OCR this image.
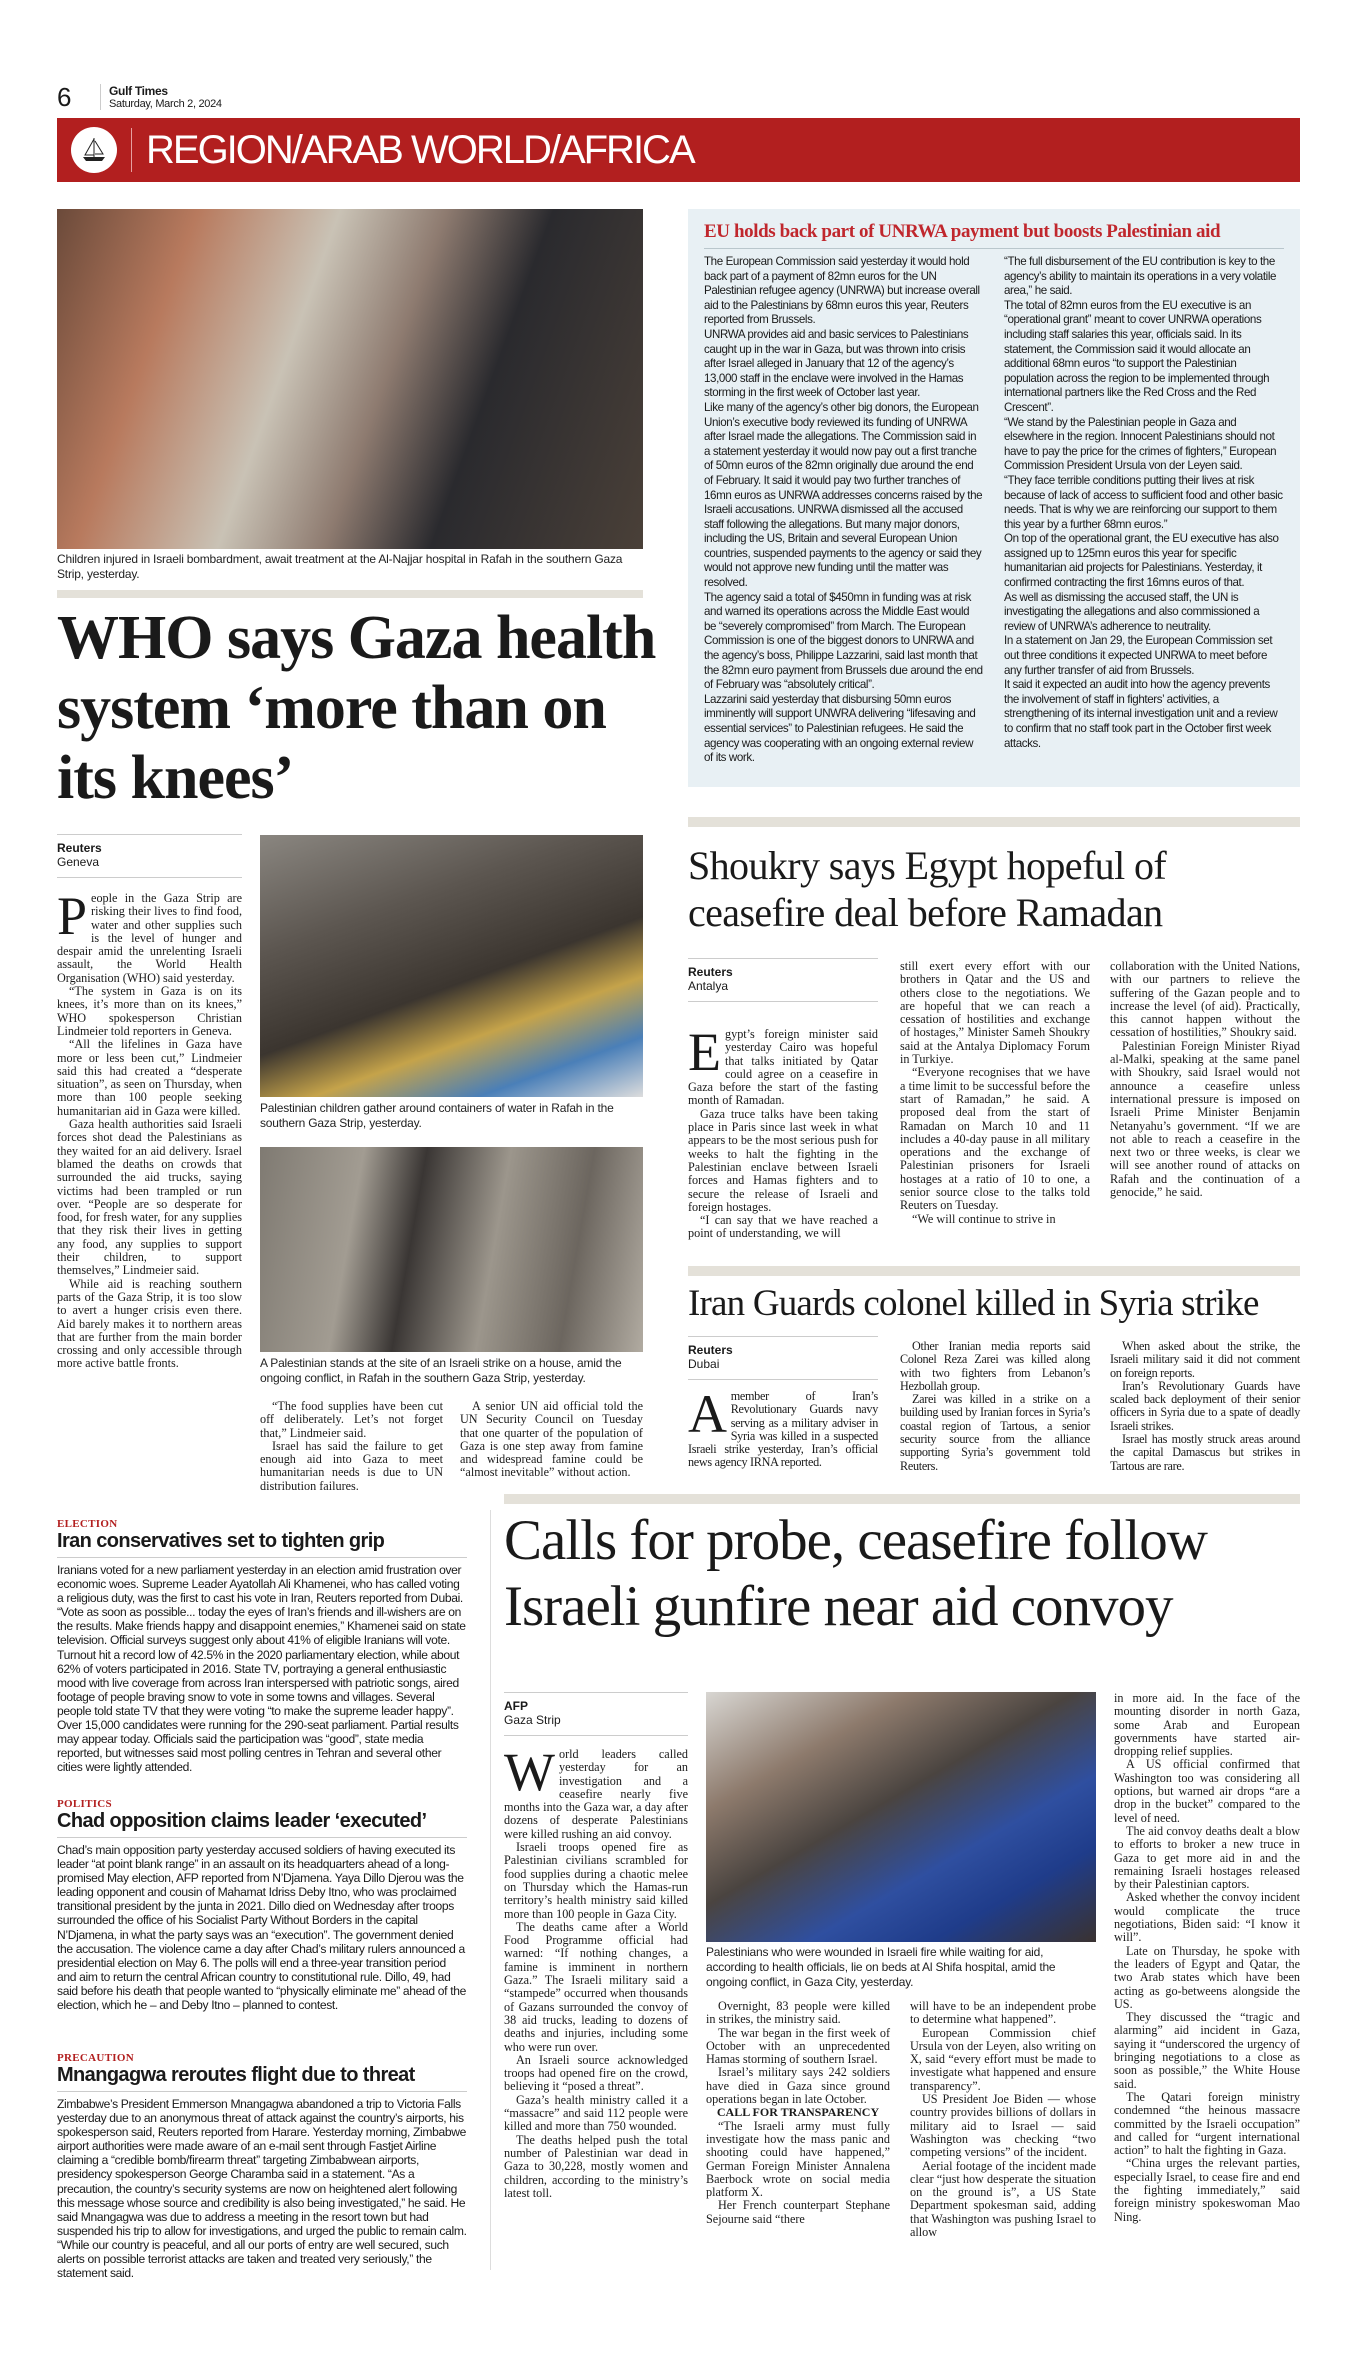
6	Gulf Times
Saturday, March 2, 2024
REGION/ARAB WORLD/AFRICA
Children injured in Israeli bombardment, await treatment at the Al-Najjar hospital in Rafah in the southern Gaza Strip, yesterday.
WHO says Gaza health system ‘more than on its knees’
Reuters
Geneva

People in the Gaza Strip are risking their lives to find food, water and other supplies such is the level of hunger and despair amid the unrelenting Israeli assault, the World Health Organisation (WHO) said yesterday.

“The system in Gaza is on its knees, it’s more than on its knees,” WHO spokesperson Christian Lindmeier told reporters in Geneva.

“All the lifelines in Gaza have more or less been cut,” Lindmeier said this had created a “desperate situation”, as seen on Thursday, when more than 100 people seeking humanitarian aid in Gaza were killed.

Gaza health authorities said Israeli forces shot dead the Palestinians as they waited for an aid delivery. Israel blamed the deaths on crowds that surrounded the aid trucks, saying victims had been trampled or run over. “People are so desperate for food, for fresh water, for any supplies that they risk their lives in getting any food, any supplies to support their children, to support themselves,” Lindmeier said.

While aid is reaching southern parts of the Gaza Strip, it is too slow to avert a hunger crisis even there. Aid barely makes it to northern areas that are further from the main border crossing and only accessible through more active battle fronts.

Palestinian children gather around containers of water in Rafah in the southern Gaza Strip, yesterday.
A Palestinian stands at the site of an Israeli strike on a house, amid the ongoing conflict, in Rafah in the southern Gaza Strip, yesterday.

“The food supplies have been cut off deliberately. Let’s not forget that,” Lindmeier said.

Israel has said the failure to get enough aid into Gaza to meet humanitarian needs is due to UN distribution failures.

A senior UN aid official told the UN Security Council on Tuesday that one quarter of the population of Gaza is one step away from famine and widespread famine could be “almost inevitable” without action.

EU holds back part of UNRWA payment but boosts Palestinian aid

The European Commission said yesterday it would hold back part of a payment of 82mn euros for the UN Palestinian refugee agency (UNRWA) but increase overall aid to the Palestinians by 68mn euros this year, Reuters reported from Brussels.

UNRWA provides aid and basic services to Palestinians caught up in the war in Gaza, but was thrown into crisis after Israel alleged in January that 12 of the agency’s 13,000 staff in the enclave were involved in the Hamas storming in the first week of October last year.

Like many of the agency’s other big donors, the European Union’s executive body reviewed its funding of UNRWA after Israel made the allegations. The Commission said in a statement yesterday it would now pay out a first tranche of 50mn euros of the 82mn originally due around the end of February. It said it would pay two further tranches of 16mn euros as UNRWA addresses concerns raised by the Israeli accusations. UNRWA dismissed all the accused staff following the allegations. But many major donors, including the US, Britain and several European Union countries, suspended payments to the agency or said they would not approve new funding until the matter was resolved.

The agency said a total of $450mn in funding was at risk and warned its operations across the Middle East would be “severely compromised” from March. The European Commission is one of the biggest donors to UNRWA and the agency’s boss, Philippe Lazzarini, said last month that the 82mn euro payment from Brussels due around the end of February was “absolutely critical”.

Lazzarini said yesterday that disbursing 50mn euros imminently will support UNWRA delivering “lifesaving and essential services” to Palestinian refugees. He said the agency was cooperating with an ongoing external review of its work.

“The full disbursement of the EU contribution is key to the agency’s ability to maintain its operations in a very volatile area,” he said.

The total of 82mn euros from the EU executive is an “operational grant” meant to cover UNRWA operations including staff salaries this year, officials said. In its statement, the Commission said it would allocate an additional 68mn euros “to support the Palestinian population across the region to be implemented through international partners like the Red Cross and the Red Crescent”.

“We stand by the Palestinian people in Gaza and elsewhere in the region. Innocent Palestinians should not have to pay the price for the crimes of fighters,” European Commission President Ursula von der Leyen said.

“They face terrible conditions putting their lives at risk because of lack of access to sufficient food and other basic needs. That is why we are reinforcing our support to them this year by a further 68mn euros.”

On top of the operational grant, the EU executive has also assigned up to 125mn euros this year for specific humanitarian aid projects for Palestinians. Yesterday, it confirmed contracting the first 16mns euros of that.

As well as dismissing the accused staff, the UN is investigating the allegations and also commissioned a review of UNRWA’s adherence to neutrality.

In a statement on Jan 29, the European Commission set out three conditions it expected UNRWA to meet before any further transfer of aid from Brussels.

It said it expected an audit into how the agency prevents the involvement of staff in fighters’ activities, a strengthening of its internal investigation unit and a review to confirm that no staff took part in the October first week attacks.

Shoukry says Egypt hopeful of ceasefire deal before Ramadan
Reuters
Antalya

Egypt’s foreign minister said yesterday Cairo was hopeful that talks initiated by Qatar could agree on a ceasefire in Gaza before the start of the fasting month of Ramadan.

Gaza truce talks have been taking place in Paris since last week in what appears to be the most serious push for weeks to halt the fighting in the Palestinian enclave between Israeli forces and Hamas fighters and to secure the release of Israeli and foreign hostages.

“I can say that we have reached a point of understanding, we will

still exert every effort with our brothers in Qatar and the US and others close to the negotiations. We are hopeful that we can reach a cessation of hostilities and exchange of hostages,” Minister Sameh Shoukry said at the Antalya Diplomacy Forum in Turkiye.

“Everyone recognises that we have a time limit to be successful before the start of Ramadan,” he said. A proposed deal from the start of Ramadan on March 10 and 11 includes a 40-day pause in all military operations and the exchange of Palestinian prisoners for Israeli hostages at a ratio of 10 to one, a senior source close to the talks told Reuters on Tuesday.

“We will continue to strive in

collaboration with the United Nations, with our partners to relieve the suffering of the Gazan people and to increase the level (of aid). Practically, this cannot happen without the cessation of hostilities,” Shoukry said.

Palestinian Foreign Minister Riyad al-Malki, speaking at the same panel with Shoukry, said Israel would not announce a ceasefire unless international pressure is imposed on Israeli Prime Minister Benjamin Netanyahu’s government. “If we are not able to reach a ceasefire in the next two or three weeks, is clear we will see another round of attacks on Rafah and the continuation of a genocide,” he said.

Iran Guards colonel killed in Syria strike
Reuters
Dubai

Amember of Iran’s Revolutionary Guards navy serving as a military adviser in Syria was killed in a suspected Israeli strike yesterday, Iran’s official news agency IRNA reported.

Other Iranian media reports said Colonel Reza Zarei was killed along with two fighters from Lebanon’s Hezbollah group.

Zarei was killed in a strike on a building used by Iranian forces in Syria’s coastal region of Tartous, a senior security source from the alliance supporting Syria’s government told Reuters.

When asked about the strike, the Israeli military said it did not comment on foreign reports.

Iran’s Revolutionary Guards have scaled back deployment of their senior officers in Syria due to a spate of deadly Israeli strikes.

Israel has mostly struck areas around the capital Damascus but strikes in Tartous are rare.

ELECTION
Iran conservatives set to tighten grip

Iranians voted for a new parliament yesterday in an election amid frustration over economic woes. Supreme Leader Ayatollah Ali Khamenei, who has called voting a religious duty, was the first to cast his vote in Iran, Reuters reported from Dubai. “Vote as soon as possible... today the eyes of Iran’s friends and ill-wishers are on the results. Make friends happy and disappoint enemies,” Khamenei said on state television. Official surveys suggest only about 41% of eligible Iranians will vote. Turnout hit a record low of 42.5% in the 2020 parliamentary election, while about 62% of voters participated in 2016. State TV, portraying a general enthusiastic mood with live coverage from across Iran interspersed with patriotic songs, aired footage of people braving snow to vote in some towns and villages. Several people told state TV that they were voting “to make the supreme leader happy”. Over 15,000 candidates were running for the 290-seat parliament. Partial results may appear today. Officials said the participation was “good”, state media reported, but witnesses said most polling centres in Tehran and several other cities were lightly attended.

POLITICS
Chad opposition claims leader ‘executed’

Chad’s main opposition party yesterday accused soldiers of having executed its leader “at point blank range” in an assault on its headquarters ahead of a long-promised May election, AFP reported from N’Djamena. Yaya Dillo Djerou was the leading opponent and cousin of Mahamat Idriss Deby Itno, who was proclaimed transitional president by the junta in 2021. Dillo died on Wednesday after troops surrounded the office of his Socialist Party Without Borders in the capital N’Djamena, in what the party says was an “execution”. The government denied the accusation. The violence came a day after Chad’s military rulers announced a presidential election on May 6. The polls will end a three-year transition period and aim to return the central African country to constitutional rule. Dillo, 49, had said before his death that people wanted to “physically eliminate me” ahead of the election, which he – and Deby Itno – planned to contest.

PRECAUTION
Mnangagwa reroutes flight due to threat

Zimbabwe’s President Emmerson Mnangagwa abandoned a trip to Victoria Falls yesterday due to an anonymous threat of attack against the country’s airports, his spokesperson said, Reuters reported from Harare. Yesterday morning, Zimbabwe airport authorities were made aware of an e-mail sent through Fastjet Airline claiming a “credible bomb/firearm threat” targeting Zimbabwean airports, presidency spokesperson George Charamba said in a statement. “As a precaution, the country’s security systems are now on heightened alert following this message whose source and credibility is also being investigated,” he said. He said Mnangagwa was due to address a meeting in the resort town but had suspended his trip to allow for investigations, and urged the public to remain calm. “While our country is peaceful, and all our ports of entry are well secured, such alerts on possible terrorist attacks are taken and treated very seriously,” the statement said.

Calls for probe, ceasefire follow Israeli gunfire near aid convoy
AFP
Gaza Strip

World leaders called yesterday for an investigation and a ceasefire nearly five months into the Gaza war, a day after dozens of desperate Palestinians were killed rushing an aid convoy.

Israeli troops opened fire as Palestinian civilians scrambled for food supplies during a chaotic melee on Thursday which the Hamas-run territory’s health ministry said killed more than 100 people in Gaza City.

The deaths came after a World Food Programme official had warned: “If nothing changes, a famine is imminent in northern Gaza.” The Israeli military said a “stampede” occurred when thousands of Gazans surrounded the convoy of 38 aid trucks, leading to dozens of deaths and injuries, including some who were run over.

An Israeli source acknowledged troops had opened fire on the crowd, believing it “posed a threat”.

Gaza’s health ministry called it a “massacre” and said 112 people were killed and more than 750 wounded.

The deaths helped push the total number of Palestinian war dead in Gaza to 30,228, mostly women and children, according to the ministry’s latest toll.

Palestinians who were wounded in Israeli fire while waiting for aid, according to health officials, lie on beds at Al Shifa hospital, amid the ongoing conflict, in Gaza City, yesterday.

Overnight, 83 people were killed in strikes, the ministry said.

The war began in the first week of October with an unprecedented Hamas storming of southern Israel.

Israel’s military says 242 soldiers have died in Gaza since ground operations began in late October.

CALL FOR TRANSPARENCY

“The Israeli army must fully investigate how the mass panic and shooting could have happened,” German Foreign Minister Annalena Baerbock wrote on social media platform X.

Her French counterpart Stephane Sejourne said “there

will have to be an independent probe to determine what happened”.

European Commission chief Ursula von der Leyen, also writing on X, said “every effort must be made to investigate what happened and ensure transparency”.

US President Joe Biden — whose country provides billions of dollars in military aid to Israel — said Washington was checking “two competing versions” of the incident.

Aerial footage of the incident made clear “just how desperate the situation on the ground is”, a US State Department spokesman said, adding that Washington was pushing Israel to allow

in more aid. In the face of the mounting disorder in north Gaza, some Arab and European governments have started air-dropping relief supplies.

A US official confirmed that Washington too was considering all options, but warned air drops “are a drop in the bucket” compared to the level of need.

The aid convoy deaths dealt a blow to efforts to broker a new truce in Gaza to get more aid in and the remaining Israeli hostages released by their Palestinian captors.

Asked whether the convoy incident would complicate the truce negotiations, Biden said: “I know it will”.

Late on Thursday, he spoke with the leaders of Egypt and Qatar, the two Arab states which have been acting as go-betweens alongside the US.

They discussed the “tragic and alarming” aid incident in Gaza, saying it “underscored the urgency of bringing negotiations to a close as soon as possible,” the White House said.

The Qatari foreign ministry condemned “the heinous massacre committed by the Israeli occupation” and called for “urgent international action” to halt the fighting in Gaza.

“China urges the relevant parties, especially Israel, to cease fire and end the fighting immediately,” said foreign ministry spokeswoman Mao Ning.
